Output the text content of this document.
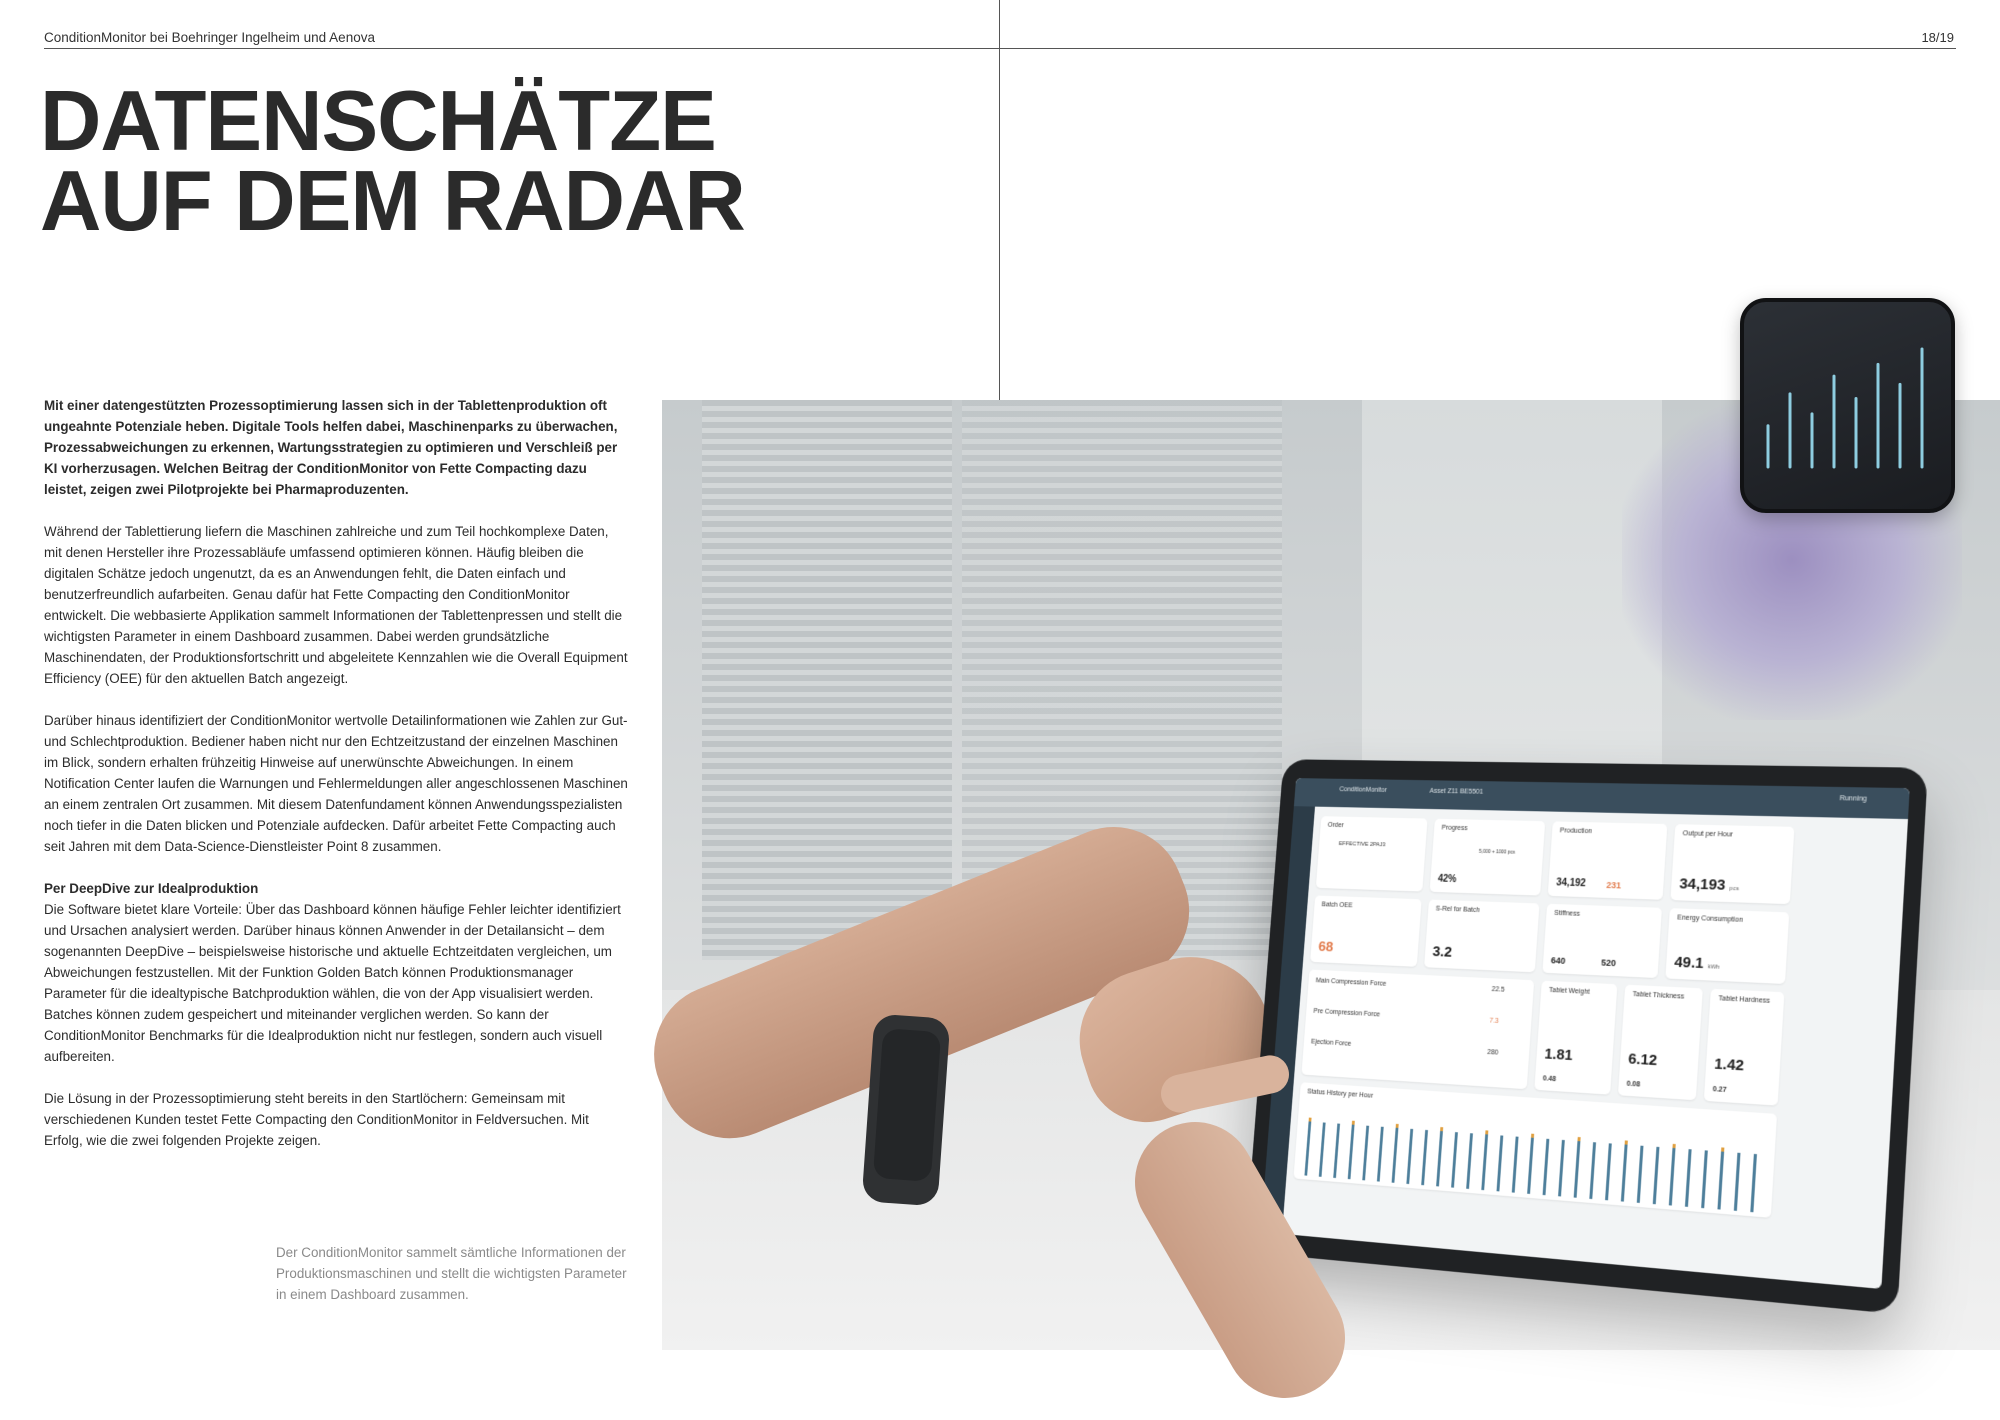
ConditionMonitor bei Boehringer Ingelheim und Aenova	18/19
DATENSCHÄTZE
AUF DEM RADAR

Mit einer datengestützten Prozessoptimierung lassen sich in der Tablettenproduktion oft ungeahnte Potenziale heben. Digitale Tools helfen dabei, Maschinenparks zu überwachen, Prozessabweichungen zu erkennen, Wartungsstrategien zu optimieren und Verschleiß per KI vorherzusagen. Welchen Beitrag der ConditionMonitor von Fette Compacting dazu leistet, zeigen zwei Pilotprojekte bei Pharmaproduzenten.

Während der Tablettierung liefern die Maschinen zahlreiche und zum Teil hochkomplexe Daten, mit denen Hersteller ihre Prozessabläufe umfassend optimieren können. Häufig bleiben die digitalen Schätze jedoch ungenutzt, da es an Anwendungen fehlt, die Daten einfach und benutzerfreundlich aufarbeiten. Genau dafür hat Fette Compacting den ConditionMonitor entwickelt. Die webbasierte Applikation sammelt Informationen der Tablettenpressen und stellt die wichtigsten Parameter in einem Dashboard zusammen. Dabei werden grundsätzliche Maschinendaten, der Produktionsfortschritt und abgeleitete Kennzahlen wie die Overall Equipment Efficiency (OEE) für den aktuellen Batch angezeigt.

Darüber hinaus identifiziert der ConditionMonitor wertvolle Detailinformationen wie Zahlen zur Gut- und Schlechtproduktion. Bediener haben nicht nur den Echtzeitzustand der einzelnen Maschinen im Blick, sondern erhalten frühzeitig Hinweise auf unerwünschte Abweichungen. In einem Notification Center laufen die Warnungen und Fehlermeldungen aller angeschlossenen Maschinen an einem zentralen Ort zusammen. Mit diesem Datenfundament können Anwendungsspezialisten noch tiefer in die Daten blicken und Potenziale aufdecken. Dafür arbeitet Fette Compacting auch seit Jahren mit dem Data-Science-Dienstleister Point 8 zusammen.

Per DeepDive zur Idealproduktion
Die Software bietet klare Vorteile: Über das Dashboard können häufige Fehler leichter identifiziert und Ursachen analysiert werden. Darüber hinaus können Anwender in der Detailansicht – dem sogenannten DeepDive – beispielsweise historische und aktuelle Echtzeitdaten vergleichen, um Abweichungen festzustellen. Mit der Funktion Golden Batch können Produktionsmanager Parameter für die idealtypische Batchproduktion wählen, die von der App visualisiert werden. Batches können zudem gespeichert und miteinander verglichen werden. So kann der ConditionMonitor Benchmarks für die Idealproduktion nicht nur festlegen, sondern auch visuell aufbereiten.

Die Lösung in der Prozessoptimierung steht bereits in den Startlöchern: Gemeinsam mit verschiedenen Kunden testet Fette Compacting den ConditionMonitor in Feldversuchen. Mit Erfolg, wie die zwei folgenden Projekte zeigen.

Der ConditionMonitor sammelt sämtliche Informationen der Produktionsmaschinen und stellt die wichtigsten Parameter in einem Dashboard zusammen.
ConditionMonitor	Asset Z11 BE5501
Running
Order
EFFECTIVE 2PAJ3
Progress
42%
5,000 + 1000 pcs
Production
34,192 231
Output per Hour
34,193 pcs
Batch OEE
68
S-Rel for Batch
3.2
Stiffness
640	520
Energy Consumption
49.1 kWh
Main Compression Force
22.5
Pre Compression Force
7.3
Ejection Force
280
Tablet Weight
1.81
0.48
Tablet Thickness
6.12
0.08
Tablet Hardness
1.42
0.27
Status History per Hour
